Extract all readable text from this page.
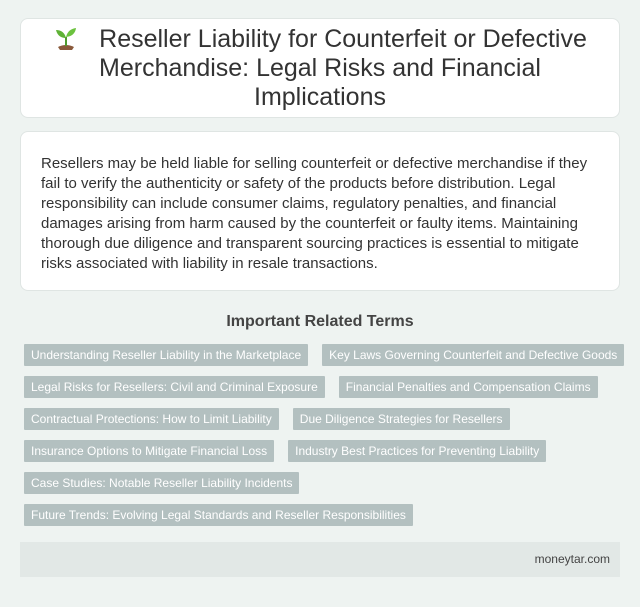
Reseller Liability for Counterfeit or Defective Merchandise: Legal Risks and Financial Implications

Resellers may be held liable for selling counterfeit or defective merchandise if they fail to verify the authenticity or safety of the products before distribution. Legal responsibility can include consumer claims, regulatory penalties, and financial damages arising from harm caused by the counterfeit or faulty items. Maintaining thorough due diligence and transparent sourcing practices is essential to mitigate risks associated with liability in resale transactions.

Important Related Terms
Understanding Reseller Liability in the Marketplace	Key Laws Governing Counterfeit and Defective Goods
Legal Risks for Resellers: Civil and Criminal Exposure	Financial Penalties and Compensation Claims
Contractual Protections: How to Limit Liability	Due Diligence Strategies for Resellers
Insurance Options to Mitigate Financial Loss	Industry Best Practices for Preventing Liability
Case Studies: Notable Reseller Liability Incidents
Future Trends: Evolving Legal Standards and Reseller Responsibilities
moneytar.com
